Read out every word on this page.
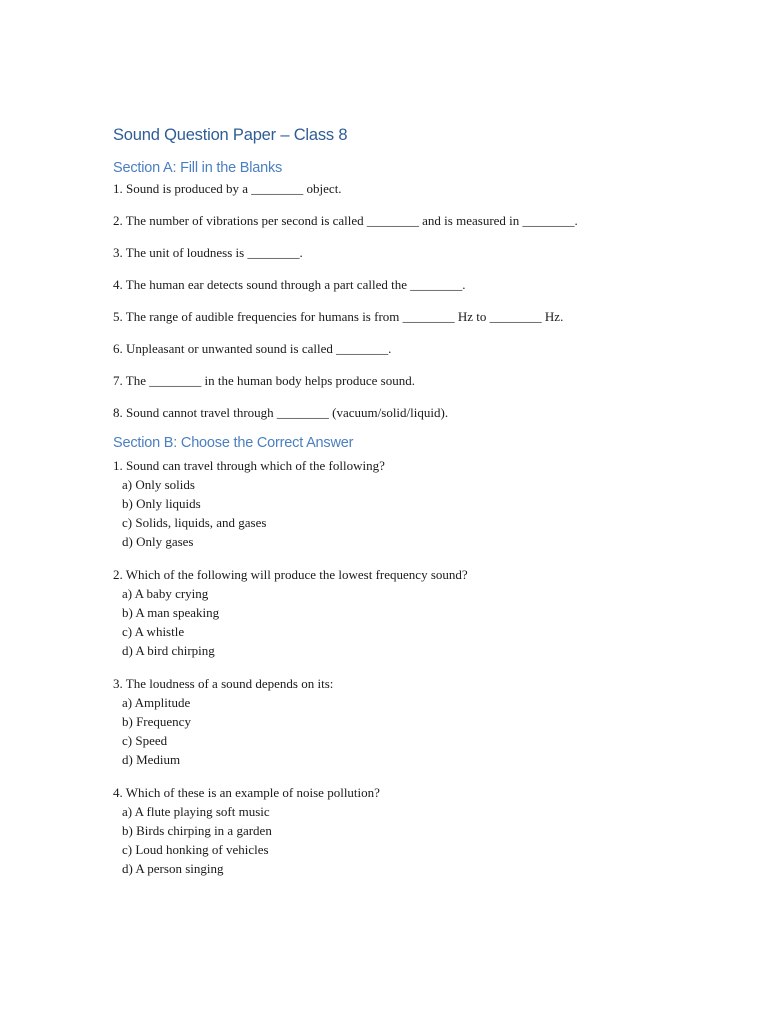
Sound Question Paper – Class 8
Section A: Fill in the Blanks

1. Sound is produced by a ________ object.

2. The number of vibrations per second is called ________ and is measured in ________.

3. The unit of loudness is ________.

4. The human ear detects sound through a part called the ________.

5. The range of audible frequencies for humans is from ________ Hz to ________ Hz.

6. Unpleasant or unwanted sound is called ________.

7. The ________ in the human body helps produce sound.

8. Sound cannot travel through ________ (vacuum/solid/liquid).

Section B: Choose the Correct Answer

1. Sound can travel through which of the following?

a) Only solids

b) Only liquids

c) Solids, liquids, and gases

d) Only gases

2. Which of the following will produce the lowest frequency sound?

a) A baby crying

b) A man speaking

c) A whistle

d) A bird chirping

3. The loudness of a sound depends on its:

a) Amplitude

b) Frequency

c) Speed

d) Medium

4. Which of these is an example of noise pollution?

a) A flute playing soft music

b) Birds chirping in a garden

c) Loud honking of vehicles

d) A person singing
